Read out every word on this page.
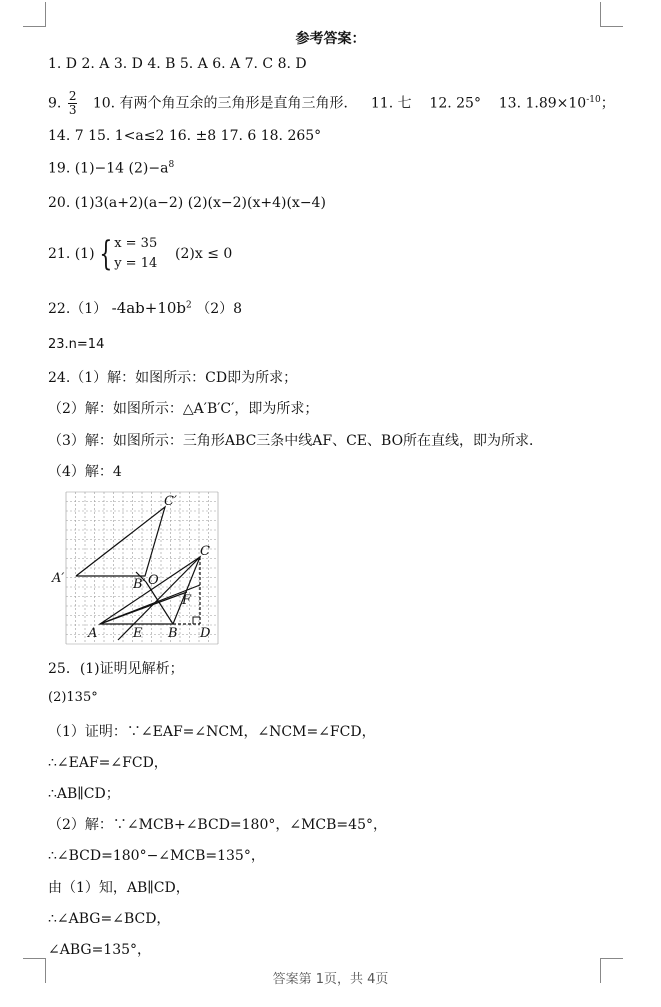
参考答案：
1. D 2. A 3. D 4. B 5. A 6. A 7. C 8. D
9. $\frac{2}{3} 10$. 有两个角互余的三角形是直角三角形． 11. 七 12. 25° 13. $1.89\times 10^{-10}$；
14. 7 15. 1<a≤2 16. ±8 17. 6 18. 265°
19. (1)−14 $(2)-a^8$
20. (1)3(a+2)(a−2) (2)(x−2)(x+4)(x−4)
21. (1) { x = 35
y = 14
(2)x ≤ 0
22.（1） $-4ab+10b^2$ （2）8
23.n=14
24.（1）解：如图所示：CD即为所求；
（2）解：如图所示：△A′B′C′，即为所求；
（3）解：如图所示：三角形ABC三条中线AF、CE、BO所在直线，即为所求．
（4）解：4
C′
A′	B′ O
C
F
A	E B D
25．(1)证明见解析；
(2)135°
（1）证明：∵∠EAF=∠NCM，∠NCM=∠FCD，
∴∠EAF=∠FCD，
∴AB∥CD；
（2）解：∵∠MCB+∠BCD=180°，∠MCB=45°，
∴∠BCD=180°−∠MCB=135°，
由（1）知，AB∥CD，
∴∠ABG=∠BCD，
∠ABG=135°，
答案第 1页，共 4页
